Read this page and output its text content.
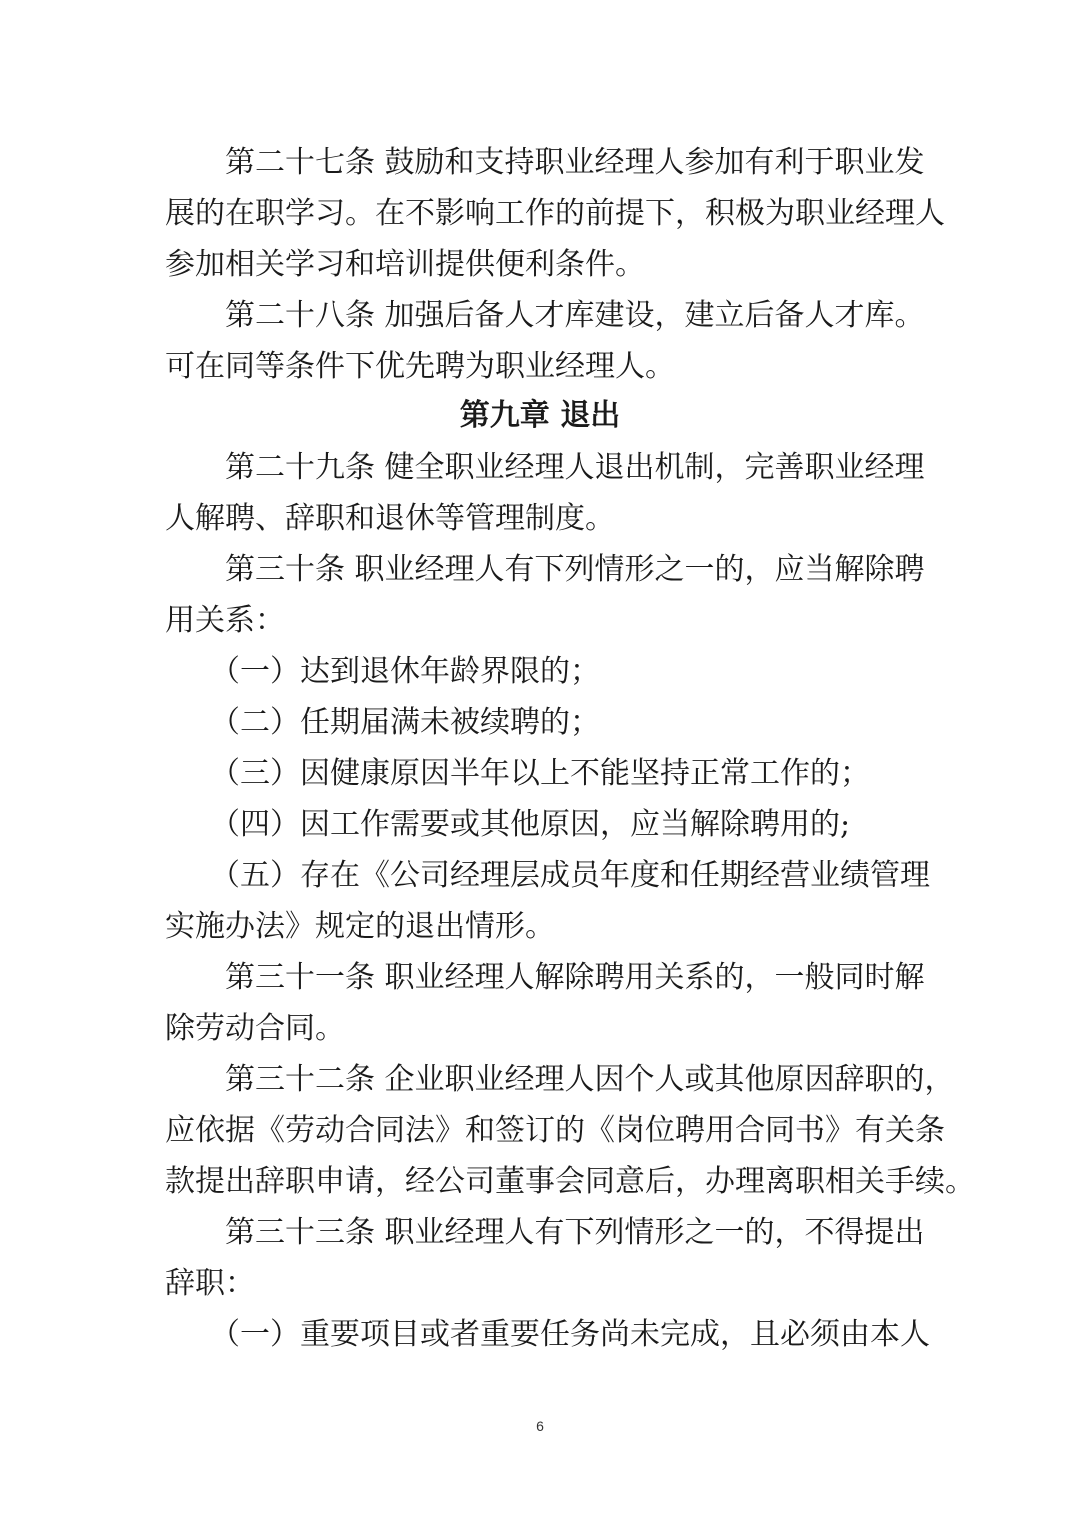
　　第二十七条 鼓励和支持职业经理人参加有利于职业发
展的在职学习。在不影响工作的前提下，积极为职业经理人
参加相关学习和培训提供便利条件。
　　第二十八条 加强后备人才库建设，建立后备人才库。
可在同等条件下优先聘为职业经理人。
第九章 退出
　　第二十九条 健全职业经理人退出机制，完善职业经理
人解聘、辞职和退休等管理制度。
　　第三十条 职业经理人有下列情形之一的，应当解除聘
用关系：
　　（一）达到退休年龄界限的；
　　（二）任期届满未被续聘的；
　　（三）因健康原因半年以上不能坚持正常工作的；
　　（四）因工作需要或其他原因，应当解除聘用的;
　　（五）存在《公司经理层成员年度和任期经营业绩管理
实施办法》规定的退出情形。
　　第三十一条 职业经理人解除聘用关系的，一般同时解
除劳动合同。
　　第三十二条 企业职业经理人因个人或其他原因辞职的，
应依据《劳动合同法》和签订的《岗位聘用合同书》有关条
款提出辞职申请，经公司董事会同意后，办理离职相关手续。
　　第三十三条 职业经理人有下列情形之一的，不得提出
辞职：
　　（一）重要项目或者重要任务尚未完成，且必须由本人
6
